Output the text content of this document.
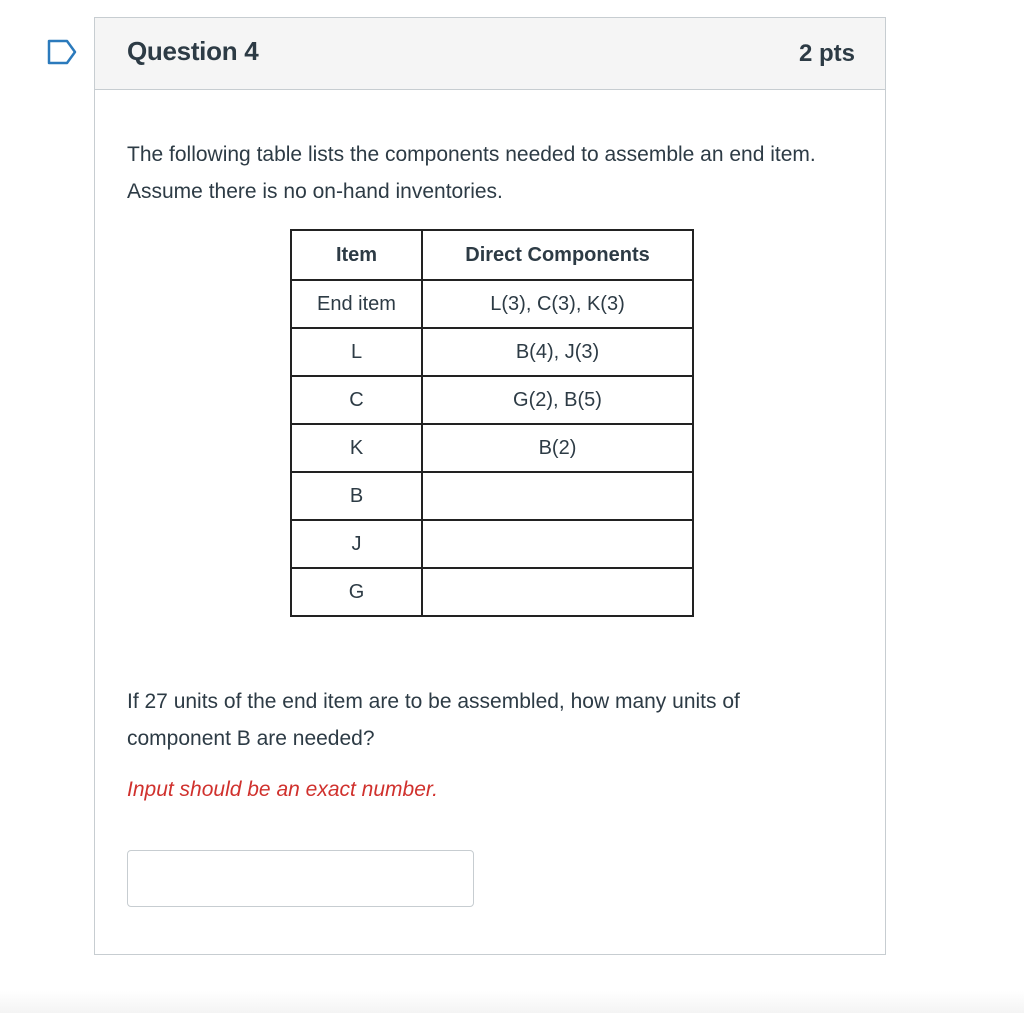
Question 4	2 pts
The following table lists the components needed to assemble an end item. Assume there is no on-hand inventories.
Item	Direct Components
End item	L(3), C(3), K(3)
L	B(4), J(3)
C	G(2), B(5)
K	B(2)
B	
J	
G	
If 27 units of the end item are to be assembled, how many units of component B are needed?
Input should be an exact number.
